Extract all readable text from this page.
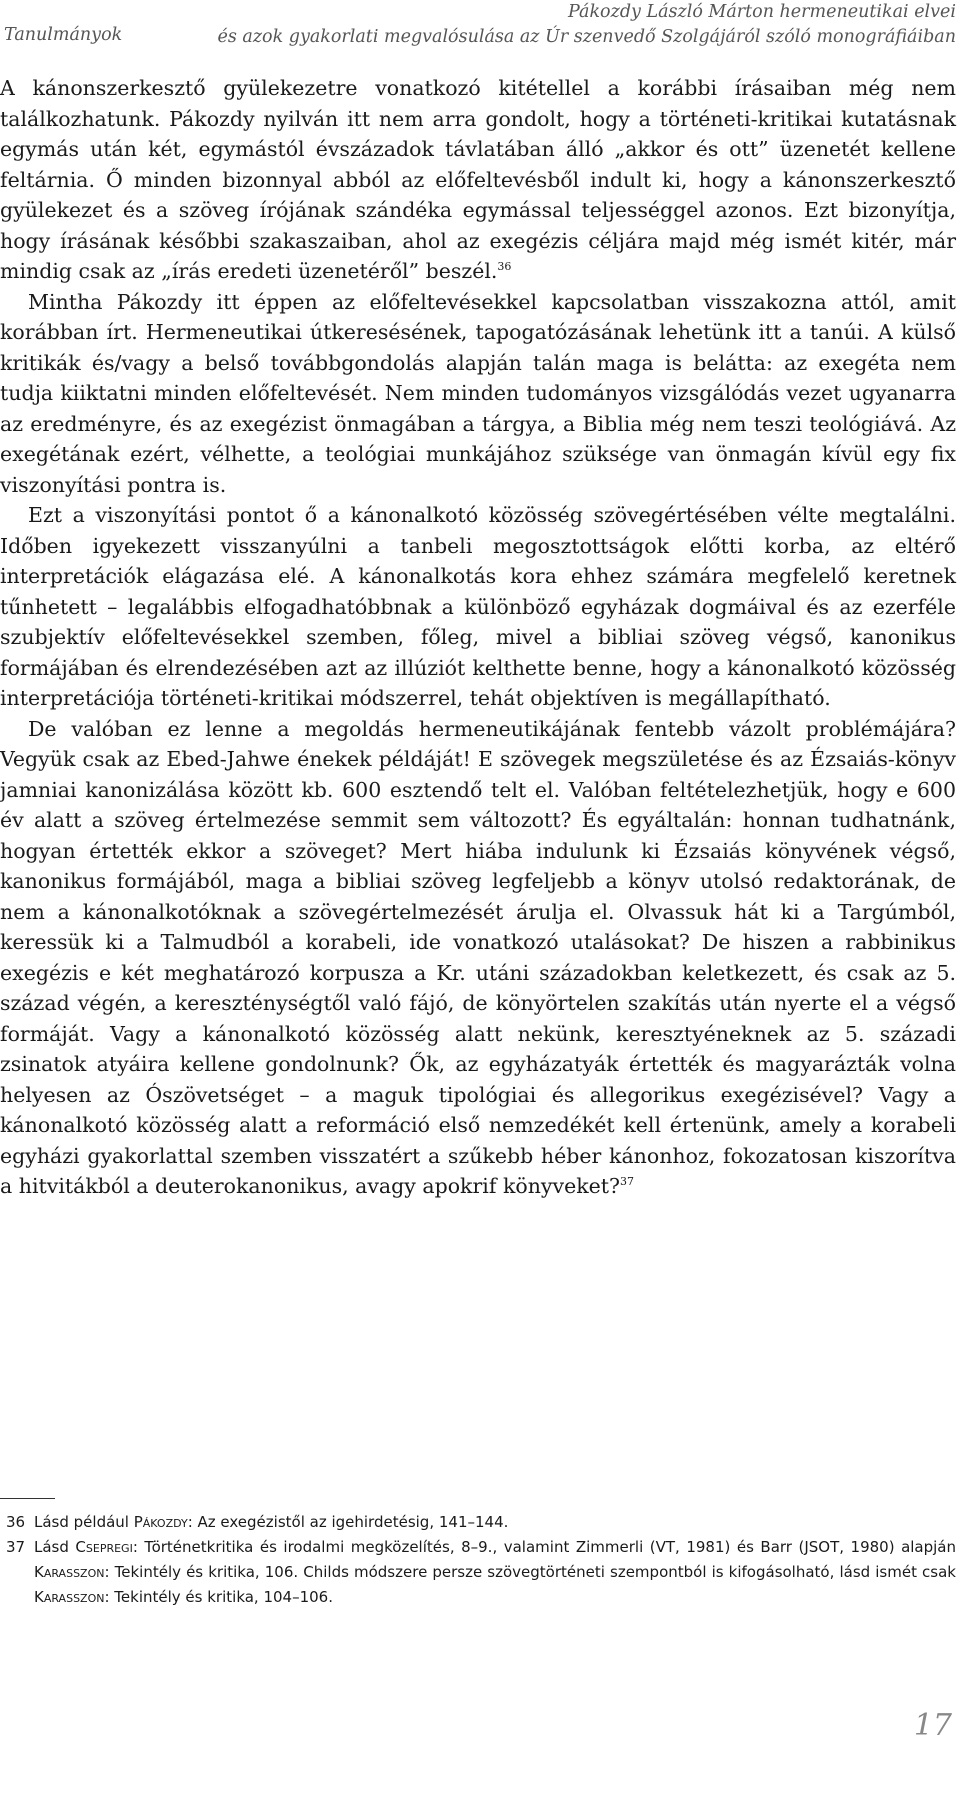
Tanulmányok
Pákozdy László Márton hermeneutikai elvei
és azok gyakorlati megvalósulása az Úr szenvedő Szolgájáról szóló monográfiáiban

A kánonszerkesztő gyülekezetre vonatkozó kitétellel a korábbi írásaiban még nem találkozhatunk. Pákozdy nyilván itt nem arra gondolt, hogy a történeti-kritikai kutatásnak egymás után két, egymástól évszázadok távlatában álló „akkor és ott” üzenetét kellene feltárnia. Ő minden bizonnyal abból az előfeltevésből indult ki, hogy a kánonszerkesztő gyülekezet és a szöveg írójának szándéka egymással teljességgel azonos. Ezt bizonyítja, hogy írásának későbbi szakaszaiban, ahol az exegézis céljára majd még ismét kitér, már mindig csak az „írás eredeti üzenetéről” beszél.$^{36}$

Mintha Pákozdy itt éppen az előfeltevésekkel kapcsolatban visszakozna attól, amit korábban írt. Hermeneutikai útkeresésének, tapogatózásának lehetünk itt a tanúi. A külső kritikák és/vagy a belső továbbgondolás alapján talán maga is belátta: az exegéta nem tudja kiiktatni minden előfeltevését. Nem minden tudományos vizsgálódás vezet ugyanarra az eredményre, és az exegézist önmagában a tárgya, a Biblia még nem teszi teológiává. Az exegétának ezért, vélhette, a teológiai munkájához szüksége van önmagán kívül egy fix viszonyítási pontra is.

Ezt a viszonyítási pontot ő a kánonalkotó közösség szövegértésében vélte megtalálni. Időben igyekezett visszanyúlni a tanbeli megosztottságok előtti korba, az eltérő interpretációk elágazása elé. A kánonalkotás kora ehhez számára megfelelő keretnek tűnhetett – legalábbis elfogadhatóbbnak a különböző egyházak dogmáival és az ezerféle szubjektív előfeltevésekkel szemben, főleg, mivel a bibliai szöveg végső, kanonikus formájában és elrendezésében azt az illúziót kelthette benne, hogy a kánonalkotó közösség interpretációja történeti-kritikai módszerrel, tehát objektíven is megállapítható.

De valóban ez lenne a megoldás hermeneutikájának fentebb vázolt problémájára? Vegyük csak az Ebed-Jahwe énekek példáját! E szövegek megszületése és az Ézsaiás-könyv jamniai kanonizálása között kb. 600 esztendő telt el. Valóban feltételezhetjük, hogy e 600 év alatt a szöveg értelmezése semmit sem változott? És egyáltalán: honnan tudhatnánk, hogyan értették ekkor a szöveget? Mert hiába indulunk ki Ézsaiás könyvének végső, kanonikus formájából, maga a bibliai szöveg legfeljebb a könyv utolsó redaktorának, de nem a kánonalkotóknak a szövegértelmezését árulja el. Olvassuk hát ki a Targúmból, keressük ki a Talmudból a korabeli, ide vonatkozó utalásokat? De hiszen a rabbinikus exegézis e két meghatározó korpusza a Kr. utáni századokban keletkezett, és csak az 5. század végén, a kereszténységtől való fájó, de könyörtelen szakítás után nyerte el a végső formáját. Vagy a kánonalkotó közösség alatt nekünk, keresztyéneknek az 5. századi zsinatok atyáira kellene gondolnunk? Ők, az egyházatyák értették és magyarázták volna helyesen az Ószövetséget – a maguk tipológiai és allegorikus exegézisével? Vagy a kánonalkotó közösség alatt a reformáció első nemzedékét kell értenünk, amely a korabeli egyházi gyakorlattal szemben visszatért a szűkebb héber kánonhoz, fokozatosan kiszorítva a hitvitákból a deuterokanonikus, avagy apokrif könyveket?$^{37}$

36 Lásd például Pákozdy: Az exegézistől az igehirdetésig, 141–144.
37 Lásd Csepregi: Történetkritika és irodalmi megközelítés, 8–9., valamint Zimmerli (VT, 1981) és Barr (JSOT, 1980) alapján Karasszon: Tekintély és kritika, 106. Childs módszere persze szövegtörténeti szempontból is kifogásolható, lásd ismét csak Karasszon: Tekintély és kritika, 104–106.
17
